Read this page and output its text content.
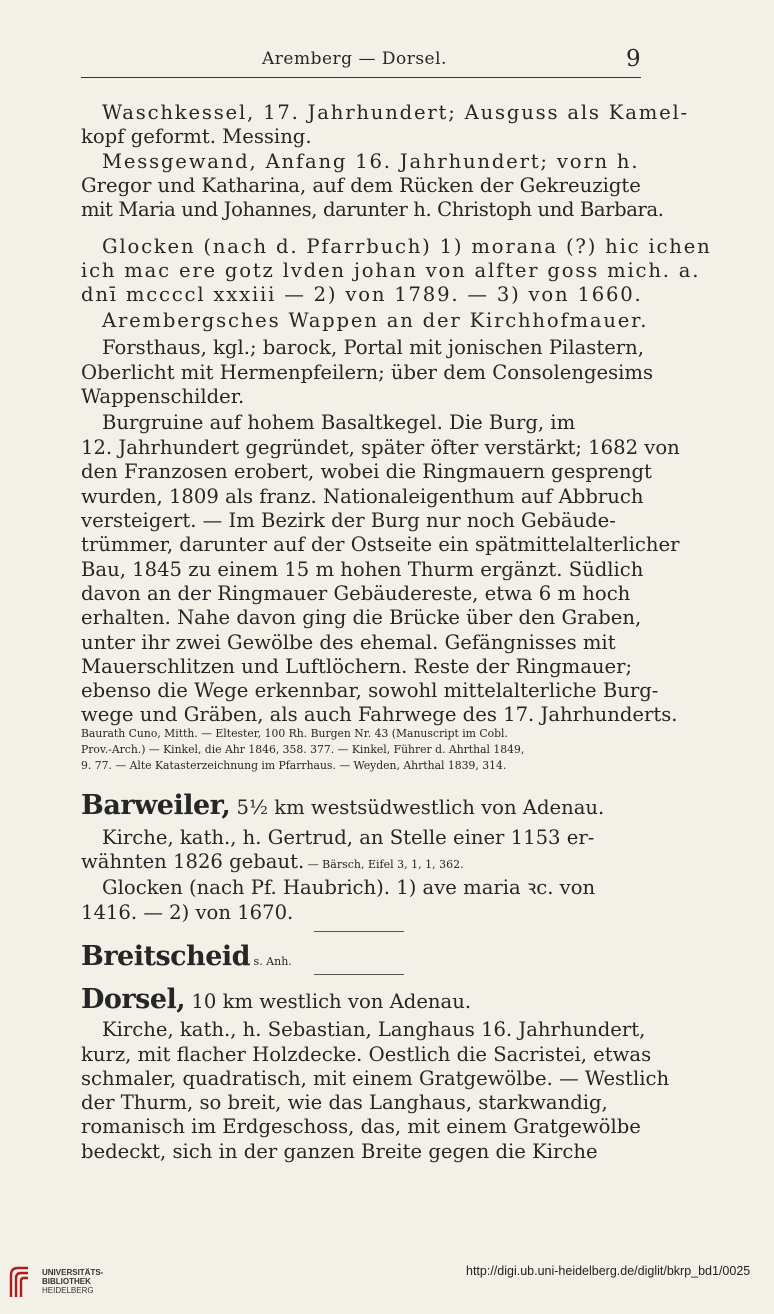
Aremberg — Dorsel.	9
Waschkessel, 17. Jahrhundert; Ausguss als Kamel-
kopf geformt. Messing.
Messgewand, Anfang 16. Jahrhundert; vorn h.
Gregor und Katharina, auf dem Rücken der Gekreuzigte
mit Maria und Johannes, darunter h. Christoph und Barbara.
Glocken (nach d. Pfarrbuch) 1) morana (?) hic ichen
ich mac ere gotz lvden johan von alfter goss mich. a.
dnī mccccl xxxiii — 2) von 1789. — 3) von 1660.
Arembergsches Wappen an der Kirchhofmauer.
Forsthaus, kgl.; barock, Portal mit jonischen Pilastern,
Oberlicht mit Hermenpfeilern; über dem Consolengesims
Wappenschilder.
Burgruine auf hohem Basaltkegel. Die Burg, im
12. Jahrhundert gegründet, später öfter verstärkt; 1682 von
den Franzosen erobert, wobei die Ringmauern gesprengt
wurden, 1809 als franz. Nationaleigenthum auf Abbruch
versteigert. — Im Bezirk der Burg nur noch Gebäude-
trümmer, darunter auf der Ostseite ein spätmittelalterlicher
Bau, 1845 zu einem 15 m hohen Thurm ergänzt. Südlich
davon an der Ringmauer Gebäudereste, etwa 6 m hoch
erhalten. Nahe davon ging die Brücke über den Graben,
unter ihr zwei Gewölbe des ehemal. Gefängnisses mit
Mauerschlitzen und Luftlöchern. Reste der Ringmauer;
ebenso die Wege erkennbar, sowohl mittelalterliche Burg-
wege und Gräben, als auch Fahrwege des 17. Jahrhunderts.
Baurath Cuno, Mitth. — Eltester, 100 Rh. Burgen Nr. 43 (Manuscript im Cobl.
Prov.-Arch.) — Kinkel, die Ahr 1846, 358. 377. — Kinkel, Führer d. Ahrthal 1849,
9. 77. — Alte Katasterzeichnung im Pfarrhaus. — Weyden, Ahrthal 1839, 314.
Barweiler, 5½ km westsüdwestlich von Adenau.
Kirche, kath., h. Gertrud, an Stelle einer 1153 er-
wähnten 1826 gebaut. — Bärsch, Eifel 3, 1, 1, 362.
Glocken (nach Pf. Haubrich). 1) ave maria ꝛc. von
1416. — 2) von 1670.
Breitscheid s. Anh.
Dorsel, 10 km westlich von Adenau.
Kirche, kath., h. Sebastian, Langhaus 16. Jahrhundert,
kurz, mit flacher Holzdecke. Oestlich die Sacristei, etwas
schmaler, quadratisch, mit einem Gratgewölbe. — Westlich
der Thurm, so breit, wie das Langhaus, starkwandig,
romanisch im Erdgeschoss, das, mit einem Gratgewölbe
bedeckt, sich in der ganzen Breite gegen die Kirche
UNIVERSITÄTS-
BIBLIOTHEK
HEIDELBERG
http://digi.ub.uni-heidelberg.de/diglit/bkrp_bd1/0025
